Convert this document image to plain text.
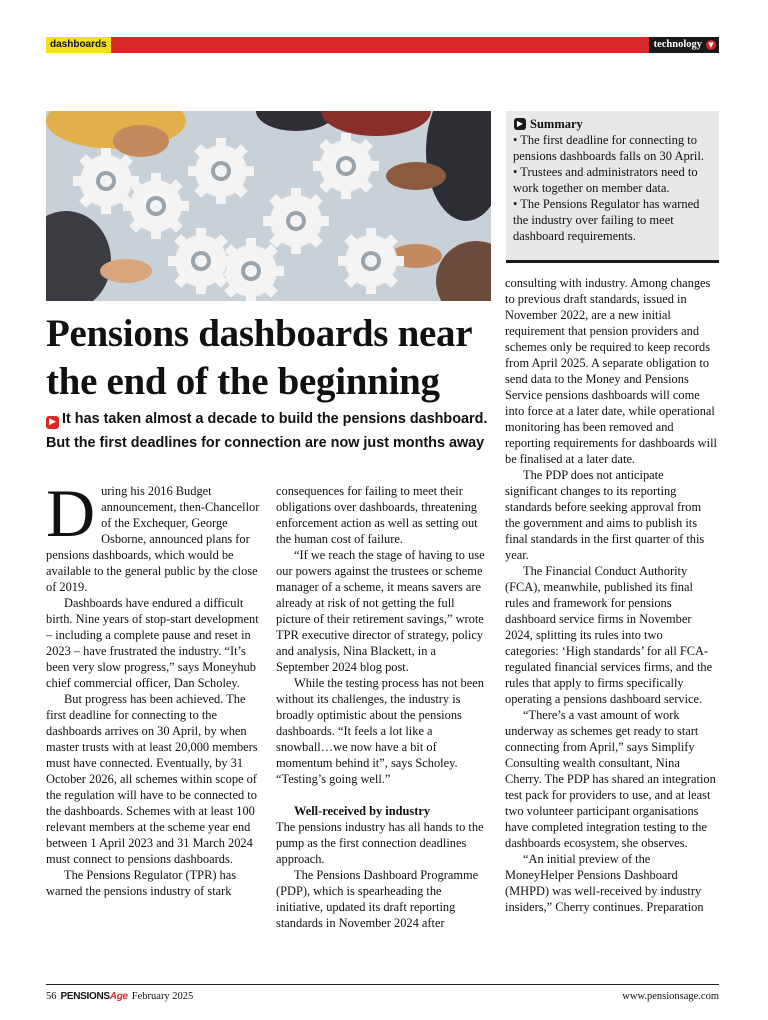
dashboards	technology ▼
▶ Summary
• The first deadline for connecting to pensions dashboards falls on 30 April.
• Trustees and administrators need to work together on member data.
• The Pensions Regulator has warned the industry over failing to meet dashboard requirements.
Pensions dashboards near the end of the beginning
▶ It has taken almost a decade to build the pensions dashboard. But the first deadlines for connection are now just months away
D uring his 2016 Budget announcement, then-Chancellor of the Exchequer, George Osborne, announced plans for pensions dashboards, which would be available to the general public by the close of 2019.

Dashboards have endured a difficult birth. Nine years of stop-start development – including a complete pause and reset in 2023 – have frustrated the industry. “It’s been very slow progress,” says Moneyhub chief commercial officer, Dan Scholey.

But progress has been achieved. The first deadline for connecting to the dashboards arrives on 30 April, by when master trusts with at least 20,000 members must have connected. Eventually, by 31 October 2026, all schemes within scope of the regulation will have to be connected to the dashboards. Schemes with at least 100 relevant members at the scheme year end between 1 April 2023 and 31 March 2024 must connect to pensions dashboards.

The Pensions Regulator (TPR) has warned the pensions industry of stark

consequences for failing to meet their obligations over dashboards, threatening enforcement action as well as setting out the human cost of failure.

“If we reach the stage of having to use our powers against the trustees or scheme manager of a scheme, it means savers are already at risk of not getting the full picture of their retirement savings,” wrote TPR executive director of strategy, policy and analysis, Nina Blackett, in a September 2024 blog post.

While the testing process has not been without its challenges, the industry is broadly optimistic about the pensions dashboards. “It feels a lot like a snowball…we now have a bit of momentum behind it”, says Scholey. “Testing’s going well.”

Well-received by industry

The pensions industry has all hands to the pump as the first connection deadlines approach.

The Pensions Dashboard Programme (PDP), which is spearheading the initiative, updated its draft reporting standards in November 2024 after

consulting with industry. Among changes to previous draft standards, issued in November 2022, are a new initial requirement that pension providers and schemes only be required to keep records from April 2025. A separate obligation to send data to the Money and Pensions Service pensions dashboards will come into force at a later date, while operational monitoring has been removed and reporting requirements for dashboards will be finalised at a later date.

The PDP does not anticipate significant changes to its reporting standards before seeking approval from the government and aims to publish its final standards in the first quarter of this year.

The Financial Conduct Authority (FCA), meanwhile, published its final rules and framework for pensions dashboard service firms in November 2024, splitting its rules into two categories: ‘High standards’ for all FCA-regulated financial services firms, and the rules that apply to firms specifically operating a pensions dashboard service.

“There’s a vast amount of work underway as schemes get ready to start connecting from April,” says Simplify Consulting wealth consultant, Nina Cherry. The PDP has shared an integration test pack for providers to use, and at least two volunteer participant organisations have completed integration testing to the dashboards ecosystem, she observes.

“An initial preview of the MoneyHelper Pensions Dashboard (MHPD) was well-received by industry insiders,” Cherry continues. Preparation

56 PENSIONSAge February 2025	www.pensionsage.com
